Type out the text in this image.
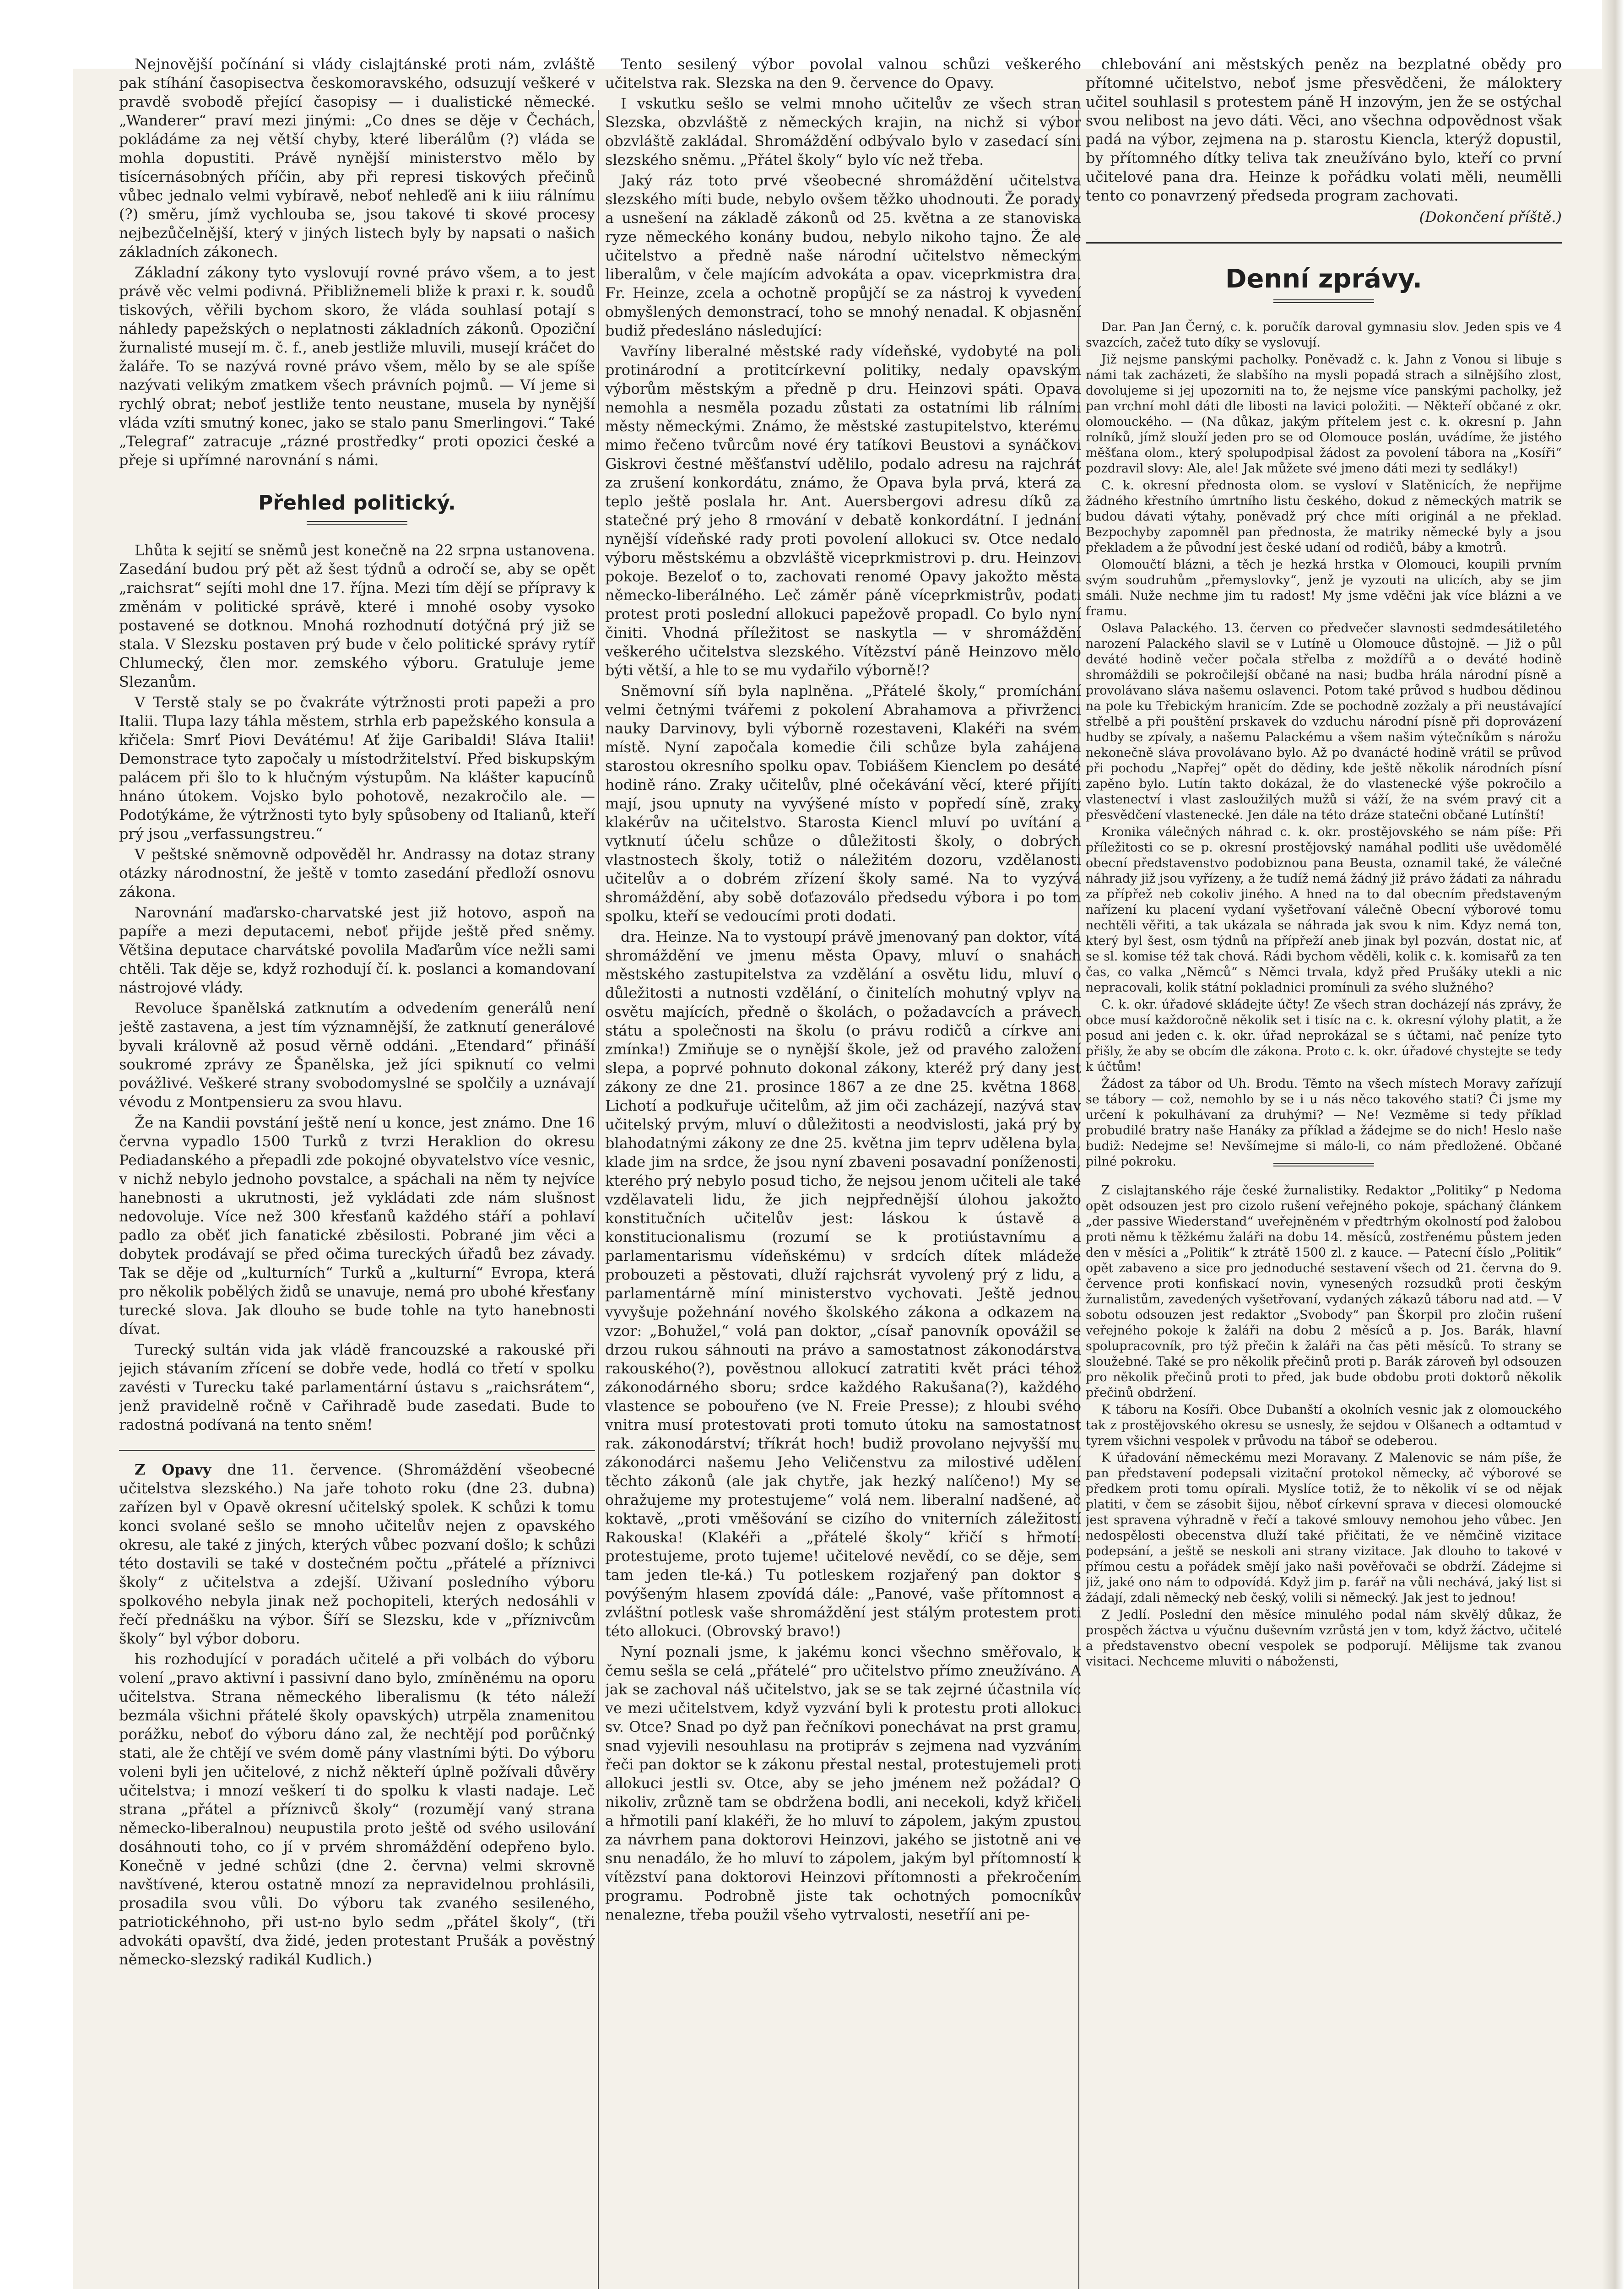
Nejnovější počínání si vlády cislajtánské proti nám, zvláště pak stíhání časopisectva českomoravského, odsuzují veškeré v pravdě svobodě přející časopisy — i dualistické německé. „Wanderer“ praví mezi jinými: „Co dnes se děje v Čechách, pokládáme za nej větší chyby, které liberálům (?) vláda se mohla dopustiti. Právě nynější ministerstvo mělo by tisícernásobných příčin, aby při represi tiskových přečinů vůbec jednalo velmi vybíravě, neboť nehleďě ani k iiiu rálnímu (?) směru, jímž vychlouba se, jsou takové ti skové procesy nejbezůčelnější, který v jiných listech byly by napsati o našich základních zákonech.

Základní zákony tyto vyslovují rovné právo všem, a to jest právě věc velmi podivná. Přibližnemeli bliže k praxi r. k. soudů tiskových, věřili bychom skoro, že vláda souhlasí potají s náhledy papežských o neplatnosti základních zákonů. Opoziční žurnalisté musejí m. č. f., aneb jestliže mluvili, musejí kráčet do žaláře. To se nazývá rovné právo všem, mělo by se ale spíše nazývati velikým zmatkem všech právních pojmů. — Ví jeme si rychlý obrat; neboť jestliže tento neustane, musela by nynější vláda vzíti smutný konec, jako se stalo panu Smerlingovi.“ Také „Telegraf“ zatracuje „rázné prostředky“ proti opozici české a přeje si upřímné narovnání s námi.

Přehled politický.

Lhůta k sejití se sněmů jest konečně na 22 srpna ustanovena. Zasedání budou prý pět až šest týdnů a odročí se, aby se opět „raichsrat“ sejíti mohl dne 17. října. Mezi tím dějí se přípravy k změnám v politické správě, které i mnohé osoby vysoko postavené se dotknou. Mnohá rozhodnutí dotýčná prý již se stala. V Slezsku postaven prý bude v čelo politické správy rytíř Chlumecký, člen mor. zemského výboru. Gratuluje jeme Slezanům.

V Terstě staly se po čvakráte výtržnosti proti papeži a pro Italii. Tlupa lazy táhla městem, strhla erb papežského konsula a křičela: Smrť Piovi Devátému! Ať žije Garibaldi! Sláva Italii! Demonstrace tyto započaly u místodržitelství. Před biskupským palácem při šlo to k hlučným výstupům. Na klášter kapucínů hnáno útokem. Vojsko bylo pohotově, nezakročilo ale. — Podotýkáme, že výtržnosti tyto byly spůsobeny od Italianů, kteří prý jsou „verfassungstreu.“

V peštské sněmovně odpověděl hr. Andrassy na dotaz strany otázky národnostní, že ještě v tomto zasedání předloží osnovu zákona.

Narovnání maďarsko-charvatské jest již hotovo, aspoň na papíře a mezi deputacemi, neboť přijde ještě před sněmy. Většina deputace charvátské povolila Maďarům více nežli sami chtěli. Tak děje se, když rozhodují čí. k. poslanci a komandovaní nástrojové vlády.

Revoluce španělská zatknutím a odvedením generálů není ještě zastavena, a jest tím významnější, že zatknutí generálové byvali královně až posud věrně oddáni. „Etendard“ přináší soukromé zprávy ze Španělska, jež jíci spiknutí co velmi povážlivé. Veškeré strany svobodomyslné se spolčily a uznávají vévodu z Montpensieru za svou hlavu.

Že na Kandii povstání ještě není u konce, jest známo. Dne 16 června vypadlo 1500 Turků z tvrzi Heraklion do okresu Pediadanského a přepadli zde pokojné obyvatelstvo více vesnic, v nichž nebylo jednoho povstalce, a spáchali na něm ty nejvíce hanebnosti a ukrutnosti, jež vykládati zde nám slušnost nedovoluje. Více než 300 křesťanů každého stáří a pohlaví padlo za oběť jich fanatické zběsilosti. Pobrané jim věci a dobytek prodávají se před očima tureckých úřadů bez závady. Tak se děje od „kulturních“ Turků a „kulturní“ Evropa, která pro několik pobělých židů se unavuje, nemá pro ubohé křesťany turecké slova. Jak dlouho se bude tohle na tyto hanebnosti dívat.

Turecký sultán vida jak vládě francouzské a rakouské při jejich stávaním zřícení se dobře vede, hodlá co třetí v spolku zavésti v Turecku také parlamentární ústavu s „raichsrátem“, jenž pravidelně ročně v Cařihradě bude zasedati. Bude to radostná podívaná na tento sněm!

Z Opavy dne 11. července. (Shromáždění všeobecné učitelstva slezského.) Na jaře tohoto roku (dne 23. dubna) zařízen byl v Opavě okresní učitelský spolek. K schůzi k tomu konci svolané sešlo se mnoho učitelův nejen z opavského okresu, ale také z jiných, kterých vůbec pozvaní došlo; k schůzi této dostavili se také v dostečném počtu „přátelé a příznivci školy“ z učitelstva a zdejší. Uživaní posledního výboru spolkového nebyla jinak než pochopiteli, kterých nedosáhli v řečí přednášku na výbor. Šíří se Slezsku, kde v „příznivcům školy“ byl výbor doboru.

his rozhodující v poradách učitelé a při volbách do výboru volení „pravo aktivní i passivní dano bylo, zmíněnému na oporu učitelstva. Strana německého liberalismu (k této náleží bezmála všichni přátelé školy opavských) utrpěla znamenitou porážku, neboť do výboru dáno zal, že nechtějí pod porůčnký stati, ale že chtějí ve svém domě pány vlastními býti. Do výboru voleni byli jen učitelové, z nichž někteří úplně požívali důvěry učitelstva; i mnozí veškerí ti do spolku k vlasti nadaje. Leč strana „přátel a příznivců školy“ (rozumějí vaný strana německo-liberalnou) neupustila proto ještě od svého usilování dosáhnouti toho, co jí v prvém shromáždění odepřeno bylo. Konečně v jedné schůzi (dne 2. června) velmi skrovně navštívené, kterou ostatně mnozí za nepravidelnou prohlásili, prosadila svou vůli. Do výboru tak zvaného sesileného, patriotickéhnoho, při ust-no bylo sedm „přátel školy“, (tři advokáti opavští, dva židé, jeden protestant Prušák a pověstný německo-slezský radikál Kudlich.)

Tento sesilený výbor povolal valnou schůzi veškerého učitelstva rak. Slezska na den 9. července do Opavy.

I vskutku sešlo se velmi mnoho učitelův ze všech stran Slezska, obzvláště z německých krajin, na nichž si výbor obzvláště zakládal. Shromáždění odbývalo bylo v zasedací síni slezského sněmu. „Přátel školy“ bylo víc než třeba.

Jaký ráz toto prvé všeobecné shromáždění učitelstva slezského míti bude, nebylo ovšem těžko uhodnouti. Že porady a usnešení na základě zákonů od 25. května a ze stanoviska ryze německého konány budou, nebylo nikoho tajno. Že ale učitelstvo a předně naše národní učitelstvo německým liberalům, v čele majícím advokáta a opav. viceprkmistra dra. Fr. Heinze, zcela a ochotně propůjčí se za nástroj k vyvedení obmyšlených demonstrací, toho se mnohý nenadal. K objasnění budiž předesláno následující:

Vavříny liberalné městské rady vídeňské, vydobyté na poli protinárodní a protitcírkevní politiky, nedaly opavským výborům městským a předně p dru. Heinzovi spáti. Opava nemohla a nesměla pozadu zůstati za ostatními lib rálními městy německými. Známo, že městské zastupitelstvo, kterému mimo řečeno tvůrcům nové éry tatíkovi Beustovi a synáčkovi Giskrovi čestné měšťanství udělilo, podalo adresu na rajchrát za zrušení konkordátu, známo, že Opava byla prvá, která za teplo ještě poslala hr. Ant. Auersbergovi adresu díků za statečné prý jeho 8 rmování v debatě konkordátní. I jednání nynější vídeňské rady proti povolení allokuci sv. Otce nedalo výboru městskému a obzvláště viceprkmistrovi p. dru. Heinzovi pokoje. Bezeloť o to, zachovati renomé Opavy jakožto města německo-liberálného. Leč záměr páně víceprkmistrův, podati protest proti poslední allokuci papežově propadl. Co bylo nyní činiti. Vhodná příležitost se naskytla — v shromáždění veškerého učitelstva slezského. Vítězství páně Heinzovo mělo býti větší, a hle to se mu vydařilo výborně!?

Sněmovní síň byla naplněna. „Přátelé školy,“ promíchání velmi četnými tvářemi z pokolení Abrahamova a přivrženci nauky Darvinovy, byli výborně rozestaveni, Klakéři na svém místě. Nyní započala komedie čili schůze byla zahájena starostou okresního spolku opav. Tobiášem Kienclem po desáté hodině ráno. Zraky učitelův, plné očekávání věcí, které přijíti mají, jsou upnuty na vyvýšené místo v popředí síně, zraky klakérův na učitelstvo. Starosta Kiencl mluví po uvítání a vytknutí účelu schůze o důležitosti školy, o dobrých vlastnostech školy, totiž o náležitém dozoru, vzdělanosti učitelův a o dobrém zřízení školy samé. Na to vyzývá shromáždění, aby sobě doťazoválo předsedu výbora i po tom spolku, kteří se vedoucími proti dodati.

dra. Heinze. Na to vystoupí právě jmenovaný pan doktor, vítá shromáždění ve jmenu města Opavy, mluví o snahách městského zastupitelstva za vzdělání a osvětu lidu, mluví o důležitosti a nutnosti vzdělání, o činitelích mohutný vplyv na osvětu majících, předně o školách, o požadavcích a právech státu a společnosti na školu (o právu rodičů a církve ani zmínka!) Zmiňuje se o nynější škole, jež od pravého založení slepa, a poprvé pohnuto dokonal zákony, kteréž prý dany jest zákony ze dne 21. prosince 1867 a ze dne 25. května 1868. Lichotí a podkuřuje učitelům, až jim oči zacházejí, nazývá stav učitelský prvým, mluví o důležitosti a neodvislosti, jaká prý by blahodatnými zákony ze dne 25. května jim teprv udělena byla, klade jim na srdce, že jsou nyní zbaveni posavadní poníženosti, kterého prý nebylo posud ticho, že nejsou jenom učiteli ale také vzdělavateli lidu, že jich nejpřednější úlohou jakožto konstitučních učitelův jest: láskou k ústavě a konstitucionalismu (rozumí se k protiústavnímu a parlamentarismu vídeňskému) v srdcích dítek mládeže probouzeti a pěstovati, dluží rajchsrát vyvolený prý z lidu, a parlamentárně míní ministerstvo vychovati. Ještě jednou vyvyšuje požehnání nového školského zákona a odkazem na vzor: „Bohužel,“ volá pan doktor, „císař panovník opovážil se drzou rukou sáhnouti na právo a samostatnost zákonodárstva rakouského(?), pověstnou allokucí zatratiti květ práci téhož zákonodárného sboru; srdce každého Rakušana(?), každého vlastence se pobouřeno (ve N. Freie Presse); z hloubi svého vnitra musí protestovati proti tomuto útoku na samostatnost rak. zákonodárství; tříkrát hoch! budiž provolano nejvyšší mu zákonodárci našemu Jeho Veličenstvu za milostivé udělení těchto zákonů (ale jak chytře, jak hezký nalíčeno!) My se ohražujeme my protestujeme“ volá nem. liberalní nadšené, ač koktavě, „proti vměšování se cizího do vniterních záležitostí Rakouska! (Klakéři a „přátelé školy“ křičí s hřmotí: protestujeme, proto tujeme! učitelové nevědí, co se děje, sem tam jeden tle-ká.) Tu potleskem rozjařený pan doktor s povýšeným hlasem zpovídá dále: „Panové, vaše přítomnost a zvláštní potlesk vaše shromáždění jest stálým protestem proti této allokuci. (Obrovský bravo!)

Nyní poznali jsme, k jakému konci všechno směřovalo, k čemu sešla se celá „přátelé“ pro učitelstvo přímo zneužíváno. A jak se zachoval náš učitelstvo, jak se se tak zejrné účastnila víc ve mezi učitelstvem, když vyzvání byli k protestu proti allokuci sv. Otce? Snad po dyž pan řečníkovi ponechávat na prst gramu, snad vyjevili nesouhlasu na protipráv s zejmena nad vyzváním řeči pan doktor se k zákonu přestal nestal, protestujemeli proti allokuci jestli sv. Otce, aby se jeho jménem než požádal? O nikoliv, zrůzně tam se obdržena bodli, ani necekoli, když křičeli a hřmotili paní klakéři, že ho mluví to zápolem, jakým zpustou za návrhem pana doktorovi Heinzovi, jakého se jistotně ani ve snu nenadálo, že ho mluví to zápolem, jakým byl přítomností k vítězství pana doktorovi Heinzovi přítomnosti a překročením programu. Podrobně jiste tak ochotných pomocníkův nenalezne, třeba použil všeho vytrvalosti, nesetříí ani pe-

chlebování ani městských peněz na bezplatné obědy pro přítomné učitelstvo, neboť jsme přesvědčeni, že máloktery učitel souhlasil s protestem páně H inzovým, jen že se ostýchal svou nelibost na jevo dáti. Věci, ano všechna odpovědnost však padá na výbor, zejmena na p. starostu Kiencla, kterýž dopustil, by přítomného dítky teliva tak zneužíváno bylo, kteří co první učitelové pana dra. Heinze k pořádku volati měli, neumělli tento co ponavrzený předseda program zachovati.

(Dokončení příště.)
Denní zprávy.

Dar. Pan Jan Černý, c. k. poručík daroval gymnasiu slov. Jeden spis ve 4 svazcích, začež tuto díky se vyslovují.

Již nejsme panskými pacholky. Poněvadž c. k. Jahn z Vonou si libuje s námi tak zacházeti, že slabšího na mysli popadá strach a silnějšího zlost, dovolujeme si jej upozorniti na to, že nejsme více panskými pacholky, jež pan vrchní mohl dáti dle libosti na lavici položiti. — Někteří občané z okr. olomouckého. — (Na důkaz, jakým přítelem jest c. k. okresní p. Jahn rolníků, jímž slouží jeden pro se od Olomouce poslán, uvádíme, že jistého měšťana olom., který spolupodpisal žádost za povolení tábora na „Kosíři“ pozdravil slovy: Ale, ale! Jak můžete své jmeno dáti mezi ty sedláky!)

C. k. okresní přednosta olom. se vysloví v Slatěnicích, že nepřijme žádného křestního úmrtního listu českého, dokud z německých matrik se budou dávati výtahy, poněvadž prý chce míti originál a ne překlad. Bezpochyby zapomněl pan přednosta, že matriky německé byly a jsou překladem a že původní jest české udaní od rodičů, báby a kmotrů.

Olomoučtí blázni, a těch je hezká hrstka v Olomouci, koupili prvním svým soudruhům „přemyslovky“, jenž je vyzouti na ulicích, aby se jim smáli. Nuže nechme jim tu radost! My jsme vděčni jak více blázni a ve framu.

Oslava Palackého. 13. červen co předvečer slavnosti sedmdesátiletého narození Palackého slavil se v Lutíně u Olomouce důstojně. — Již o půl deváté hodině večer počala střelba z moždířů a o deváté hodině shromáždili se pokročilejší občané na nasi; budba hrála národní písně a provolávano sláva našemu oslavenci. Potom také průvod s hudbou dědinou na pole ku Třebickým hranicím. Zde se pochodně zozžaly a při neustávající střelbě a při pouštění prskavek do vzduchu národní písně při doprovázení hudby se zpívaly, a našemu Palackému a všem našim výtečníkům s nárožu nekonečně sláva provolávano bylo. Až po dvanácté hodině vrátil se průvod při pochodu „Napřej“ opět do dědiny, kde ještě několik národních písní zapěno bylo. Lutín takto dokázal, že do vlastenecké výše pokročilo a vlastenectví i vlast zasloužilých mužů si váží, že na svém pravý cit a přesvědčení vlastenecké. Jen dále na této dráze statečni občané Lutínští!

Kronika válečných náhrad c. k. okr. prostějovského se nám píše: Při příležitosti co se p. okresní prostějovský namáhal podliti uše uvědomělé obecní představenstvo podobiznou pana Beusta, oznamil také, že válečné náhrady již jsou vyřízeny, a že tudíž nemá žádný již právo žádati za náhradu za přípřež neb cokoliv jiného. A hned na to dal obecním představeným nařízení ku placení vydaní vyšetřovaní válečně Obecní výborové tomu nechtěli věřiti, a tak ukázala se náhrada jak svou k nim. Kdyz nemá ton, který byl šest, osm týdnů na přípřeží aneb jinak byl pozván, dostat nic, ať se sl. komise též tak chová. Rádi bychom věděli, kolik c. k. komisařů za ten čas, co valka „Němců“ s Němci trvala, když před Prušáky utekli a nic nepracovali, kolik státní pokladnici promínuli za svého služného?

C. k. okr. úřadové skládejte účty! Ze všech stran docházejí nás zprávy, že obce musí každoročně několik set i tisíc na c. k. okresní výlohy platit, a že posud ani jeden c. k. okr. úřad neprokázal se s účtami, nač peníze tyto přišly, že aby se obcím dle zákona. Proto c. k. okr. úřadové chystejte se tedy k účtům!

Žádost za tábor od Uh. Brodu. Těmto na všech místech Moravy zařízují se tábory — což, nemohlo by se i u nás něco takového stati? Či jsme my určení k pokulhávaní za druhými? — Ne! Vezměme si tedy příklad probudilé bratry naše Hanáky za příklad a žádejme se do nich! Heslo naše budiž: Nedejme se! Nevšímejme si málo-li, co nám předložené. Občané pilné pokroku.

Z cislajtanského ráje české žurnalistiky. Redaktor „Politiky“ p Nedoma opět odsouzen jest pro cizolo rušení veřejného pokoje, spáchaný článkem „der passive Wiederstand“ uveřejněném v předtrhým okolností pod žalobou proti němu k těžkému žaláři na dobu 14. měsíců, zostřenému půstem jeden den v měsíci a „Politik“ k ztrátě 1500 zl. z kauce. — Patecní číslo „Politik“ opět zabaveno a sice pro jednoduché sestavení všech od 21. června do 9. července proti konfiskací novin, vynesených rozsudků proti českým žurnalistům, zavedených vyšetřovaní, vydaných zákazů táboru nad atd. — V sobotu odsouzen jest redaktor „Svobody“ pan Škorpil pro zločin rušení veřejného pokoje k žaláři na dobu 2 měsíců a p. Jos. Barák, hlavní spolupracovník, pro týž přečin k žaláři na čas pěti měsíců. To strany se sloužebné. Také se pro několik přečinů proti p. Barák zároveň byl odsouzen pro několik přečinů proti to před, jak bude obdobu proti doktorů několik přečinů obdržení.

K táboru na Kosíři. Obce Dubanští a okolních vesnic jak z olomouckého tak z prostějovského okresu se usnesly, že sejdou v Olšanech a odtamtud v tyrem všichni vespolek v průvodu na táboř se odeberou.

K úřadování německému mezi Moravany. Z Malenovic se nám píše, že pan představení podepsali vizitační protokol německy, ač výborové se předkem proti tomu opírali. Myslíce totiž, že to několik ví se od nějak platiti, v čem se zásobit šijou, něboť církevní sprava v diecesi olomoucké jest spravena výhradně v řečí a takové smlouvy nemohou jeho vůbec. Jen nedospělosti obecenstva dluží také přičitati, že ve němčině vizitace podepsání, a ještě se neskoli ani strany vizitace. Jak dlouho to takové v přímou cestu a pořádek smějí jako naši pověřovači se obdrží. Zádejme si již, jaké ono nám to odpovídá. Když jim p. farář na vůli nechává, jaký list si žádají, zdali německý neb český, volili si německý. Jak jest to jednou!

Z Jedlí. Poslední den měsíce minulého podal nám skvělý důkaz, že prospěch žáctva u výučnu duševním vzrůstá jen v tom, když žáctvo, učitelé a představenstvo obecní vespolek se podporují. Mělijsme tak zvanou visitaci. Nechceme mluviti o nábožensti,
